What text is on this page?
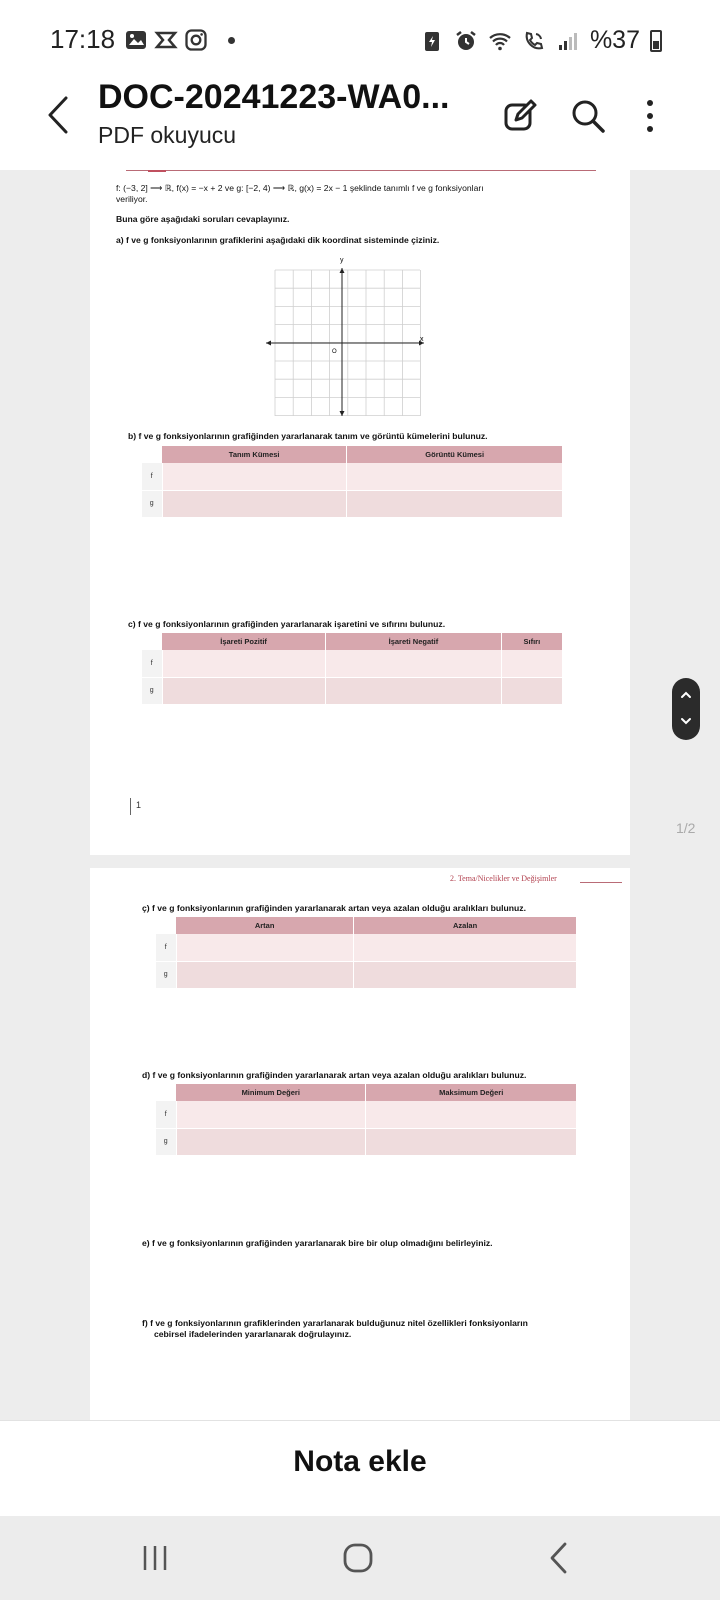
17:18	%37
DOC-20241223-WA0...
PDF okuyucu
f: (−3, 2] ⟶ ℝ, f(x) = −x + 2 ve g: [−2, 4) ⟶ ℝ, g(x) = 2x − 1 şeklinde tanımlı f ve g fonksiyonları
veriliyor.
Buna göre aşağıdaki soruları cevaplayınız.
a) f ve g fonksiyonlarının grafiklerini aşağıdaki dik koordinat sisteminde çiziniz.
y
x
O
b) f ve g fonksiyonlarının grafiğinden yararlanarak tanım ve görüntü kümelerini bulunuz.
	Tanım Kümesi	Görüntü Kümesi
f		
g		
c) f ve g fonksiyonlarının grafiğinden yararlanarak işaretini ve sıfırını bulunuz.
	İşareti Pozitif	İşareti Negatif	Sıfırı
f			
g			
1
1/2
2. Tema/Nicelikler ve Değişimler
ç) f ve g fonksiyonlarının grafiğinden yararlanarak artan veya azalan olduğu aralıkları bulunuz.
	Artan	Azalan
f		
g		
d) f ve g fonksiyonlarının grafiğinden yararlanarak artan veya azalan olduğu aralıkları bulunuz.
	Minimum Değeri	Maksimum Değeri
f		
g		
e) f ve g fonksiyonlarının grafiğinden yararlanarak bire bir olup olmadığını belirleyiniz.
f) f ve g fonksiyonlarının grafiklerinden yararlanarak bulduğunuz nitel özellikleri fonksiyonların
cebirsel ifadelerinden yararlanarak doğrulayınız.
Nota ekle
